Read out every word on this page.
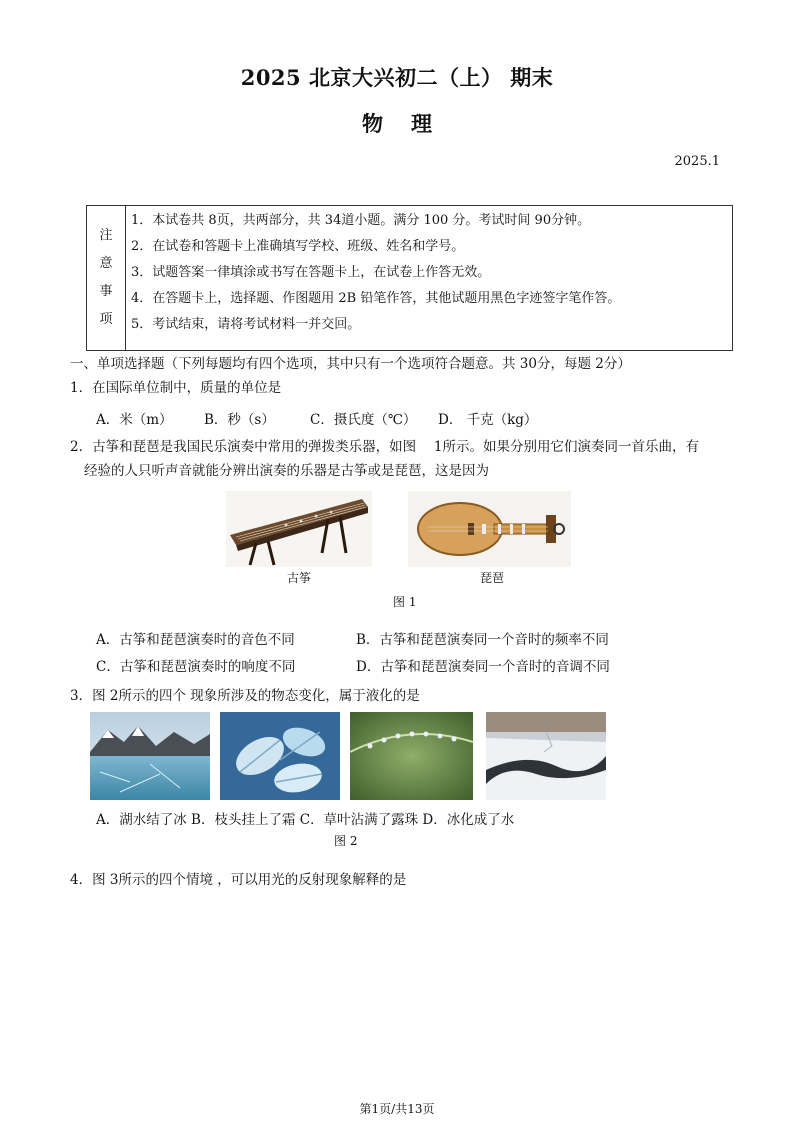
2025 北京大兴初二（上） 期末
物理
2025.1
注
意
事
项
1．本试卷共 8页，共两部分，共 34道小题。满分 100 分。考试时间 90分钟。
2．在试卷和答题卡上准确填写学校、班级、姓名和学号。
3．试题答案一律填涂或书写在答题卡上，在试卷上作答无效。
4．在答题卡上，选择题、作图题用 2B 铅笔作答，其他试题用黑色字迹签字笔作答。
5．考试结束，请将考试材料一并交回。
一、单项选择题（下列每题均有四个选项，其中只有一个选项符合题意。共 30分，每题 2分）
1．在国际单位制中，质量的单位是
A．米（m） B．秒（s）	C．摄氏度（℃） D． 千克（kg）
2．古筝和琵琶是我国民乐演奏中常用的弹拨类乐器，如图　 1所示。如果分别用它们演奏同一首乐曲，有
经验的人只听声音就能分辨出演奏的乐器是古筝或是琵琶，这是因为
古筝	琵琶
图 1
A．古筝和琵琶演奏时的音色不同	B．古筝和琵琶演奏同一个音时的频率不同
C．古筝和琵琶演奏时的响度不同	D．古筝和琵琶演奏同一个音时的音调不同
3．图 2所示的四个 现象所涉及的物态变化，属于液化的是
A．湖水结了冰 B．枝头挂上了霜 C．草叶沾满了露珠 D．冰化成了水
图 2
4．图 3所示的四个情境 ，可以用光的反射现象解释的是
第1页/共13页
